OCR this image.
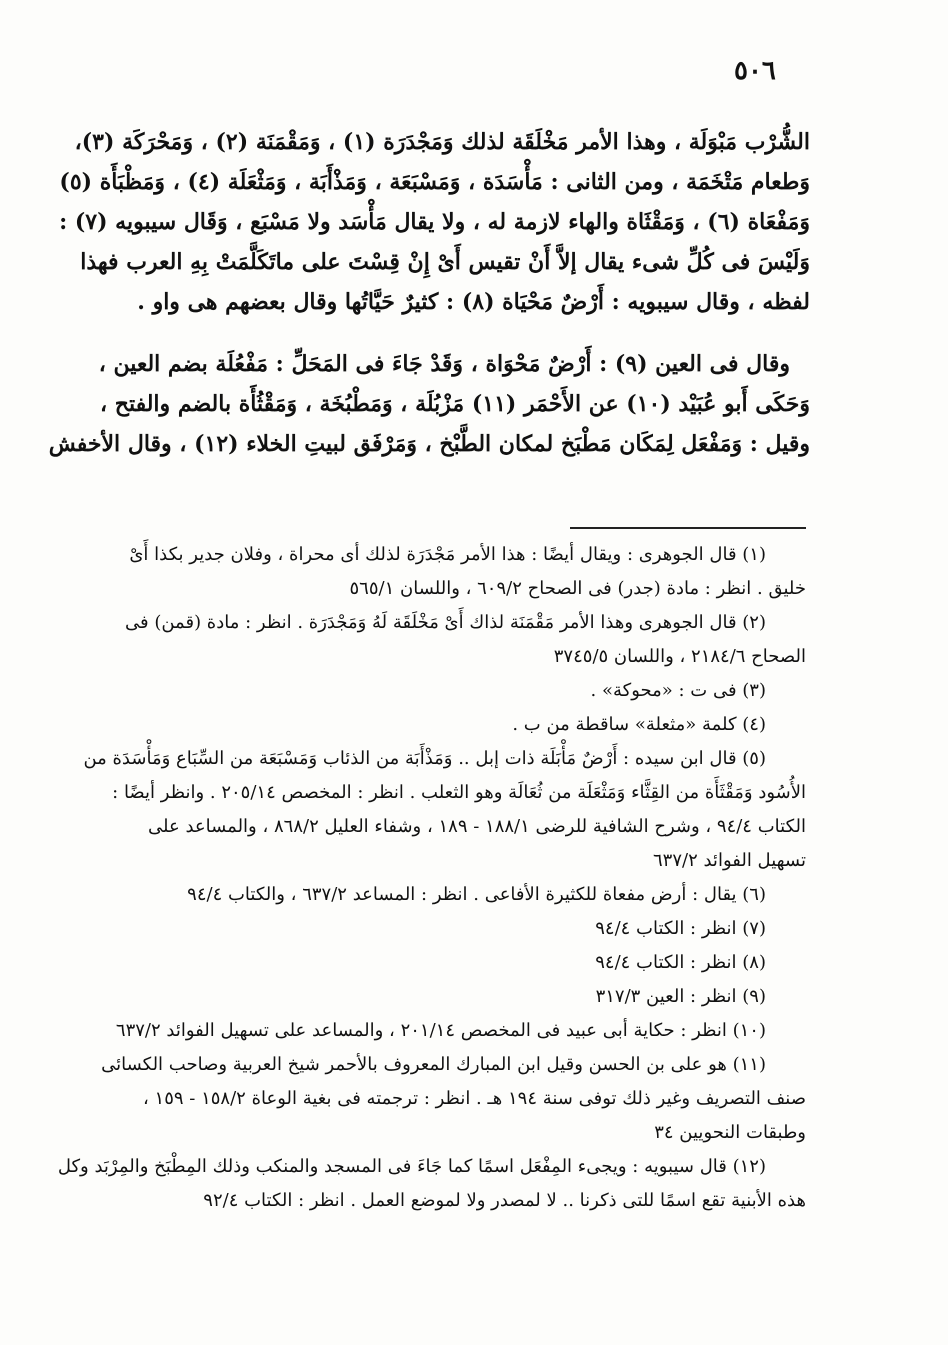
٥٠٦
الشُّرْب مَبْوَلَة ، وهذا الأمر مَخْلَقَة لذلك وَمَجْدَرَة (١) ، وَمَقْمَنَة (٢) ، وَمَحْرَكَة (٣)،
وَطعام مَتْخَمَة ، ومن الثانى : مَأْسَدَة ، وَمَسْبَعَة ، وَمَذْأَبَة ، وَمَثْعَلَة (٤) ، وَمَظْبَأَة (٥)
وَمَفْعَاة (٦) ، وَمَقْثَاة والهاء لازمة له ، ولا يقال مَأْسَد ولا مَسْبَع ، وَقَال سيبويه (٧) :
وَلَيْسَ فى كُلِّ شىء يقال إلاَّ أَنْ تقيس أَىْ إِنْ قِسْتَ على ماتَكَلَّمَتْ بِهِ العرب فهذا
لفظه ، وقال سيبويه : أَرْضٌ مَحْيَاة (٨) : كثيرٌ حَيَّاتُها وقال بعضهم هى واو .
وقال فى العين (٩) : أَرْضٌ مَحْوَاة ، وَقَدْ جَاءَ فى المَحَلِّ : مَفْعُلَة بضم العين ،
وَحَكَى أَبو عُبَيْد (١٠) عن الأَحْمَر (١١) مَزْبُلَة ، وَمَطْبُخَة ، وَمَقْثُأَة بالضم والفتح ،
وقيل : وَمَفْعَل لِمَكَان مَطْبَخ لمكان الطَّبْخ ، وَمَرْفَق لبيتِ الخلاء (١٢) ، وقال الأخفش
(١) قال الجوهرى : ويقال أيضًا : هذا الأمر مَجْدَرَة لذلك أى محراة ، وفلان جدير بكذا أَىْ
خليق . انظر : مادة (جدر) فى الصحاح ٦٠٩/٢ ، واللسان ٥٦٥/١
(٢) قال الجوهرى وهذا الأمر مَقْمَنَة لذاك أَىْ مَخْلَقَة لَهُ وَمَجْدَرَة . انظر : مادة (قمن) فى
الصحاح ٢١٨٤/٦ ، واللسان ٣٧٤٥/٥
(٣) فى ت : «محوكة» .
(٤) كلمة «مثعلة» ساقطة من ب .
(٥) قال ابن سيده : أَرْضٌ مَأْبَلَة ذات إبل .. وَمَذْأَبَة من الذئاب وَمَسْبَعَة من السِّبَاع وَمَأْسَدَة من
الأُسُود وَمَقْثَأَة من القِثَّاء وَمَثْعَلَة من ثُعَالَة وهو الثعلب . انظر : المخصص ٢٠٥/١٤ . وانظر أيضًا :
الكتاب ٩٤/٤ ، وشرح الشافية للرضى ١٨٨/١ - ١٨٩ ، وشفاء العليل ٨٦٨/٢ ، والمساعد على
تسهيل الفوائد ٦٣٧/٢
(٦) يقال : أرض مفعاة للكثيرة الأفاعى . انظر : المساعد ٦٣٧/٢ ، والكتاب ٩٤/٤
(٧) انظر : الكتاب ٩٤/٤
(٨) انظر : الكتاب ٩٤/٤
(٩) انظر : العين ٣١٧/٣
(١٠) انظر : حكاية أبى عبيد فى المخصص ٢٠١/١٤ ، والمساعد على تسهيل الفوائد ٦٣٧/٢
(١١) هو على بن الحسن وقيل ابن المبارك المعروف بالأحمر شيخ العربية وصاحب الكسائى
صنف التصريف وغير ذلك توفى سنة ١٩٤ هـ . انظر : ترجمته فى بغية الوعاة ١٥٨/٢ - ١٥٩ ،
وطبقات النحويين ٣٤
(١٢) قال سيبويه : ويجىء المِفْعَل اسمًا كما جَاءَ فى المسجد والمنكب وذلك المِطْبَخ والمِرْبَد وكل
هذه الأبنية تقع اسمًا للتى ذكرنا .. لا لمصدر ولا لموضع العمل . انظر : الكتاب ٩٢/٤
